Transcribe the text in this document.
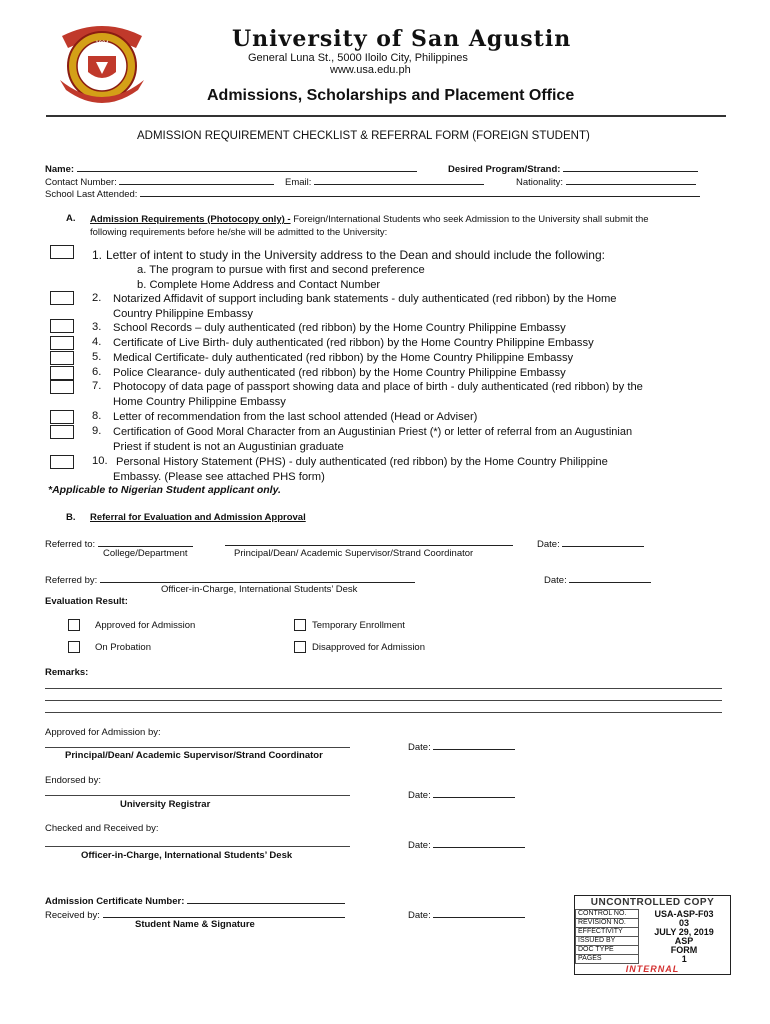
1904	University of San Agustin
General Luna St., 5000 Iloilo City, Philippines
www.usa.edu.ph
Admissions, Scholarships and Placement Office
ADMISSION REQUIREMENT CHECKLIST & REFERRAL FORM (FOREIGN STUDENT)
Name:	Desired Program/Strand:
Contact Number:	Email:	Nationality:
School Last Attended:
A. Admission Requirements (Photocopy only) - Foreign/International Students who seek Admission to the University shall submit the
following requirements before he/she will be admitted to the University:
1. Letter of intent to study in the University address to the Dean and should include the following:
a. The program to pursue with first and second preference
b. Complete Home Address and Contact Number
2. Notarized Affidavit of support including bank statements - duly authenticated (red ribbon) by the Home
Country Philippine Embassy
3. School Records – duly authenticated (red ribbon) by the Home Country Philippine Embassy
4. Certificate of Live Birth- duly authenticated (red ribbon) by the Home Country Philippine Embassy
5. Medical Certificate- duly authenticated (red ribbon) by the Home Country Philippine Embassy
6. Police Clearance- duly authenticated (red ribbon) by the Home Country Philippine Embassy
7. Photocopy of data page of passport showing data and place of birth - duly authenticated (red ribbon) by the
Home Country Philippine Embassy
8. Letter of recommendation from the last school attended (Head or Adviser)
9. Certification of Good Moral Character from an Augustinian Priest (*) or letter of referral from an Augustinian
Priest if student is not an Augustinian graduate
10. Personal History Statement (PHS) - duly authenticated (red ribbon) by the Home Country Philippine
Embassy. (Please see attached PHS form)
*Applicable to Nigerian Student applicant only.
B. Referral for Evaluation and Admission Approval
Referred to:
College/Department	Principal/Dean/ Academic Supervisor/Strand Coordinator
Date:
Referred by:
Officer-in-Charge, International Students’ Desk
Date:
Evaluation Result:
Approved for Admission	Temporary Enrollment
On Probation	Disapproved for Admission
Remarks:
Approved for Admission by:
Principal/Dean/ Academic Supervisor/Strand Coordinator
Date:
Endorsed by:
University Registrar
Date:
Checked and Received by:
Officer-in-Charge, International Students’ Desk
Date:
Admission Certificate Number:
Received by:
Student Name & Signature
Date:
UNCONTROLLED COPY
CONTROL NO.	USA-ASP-F03
REVISION NO.	03
EFFECTIVITY	JULY 29, 2019
ISSUED BY	ASP
DOC TYPE	FORM
PAGES	1
INTERNAL
